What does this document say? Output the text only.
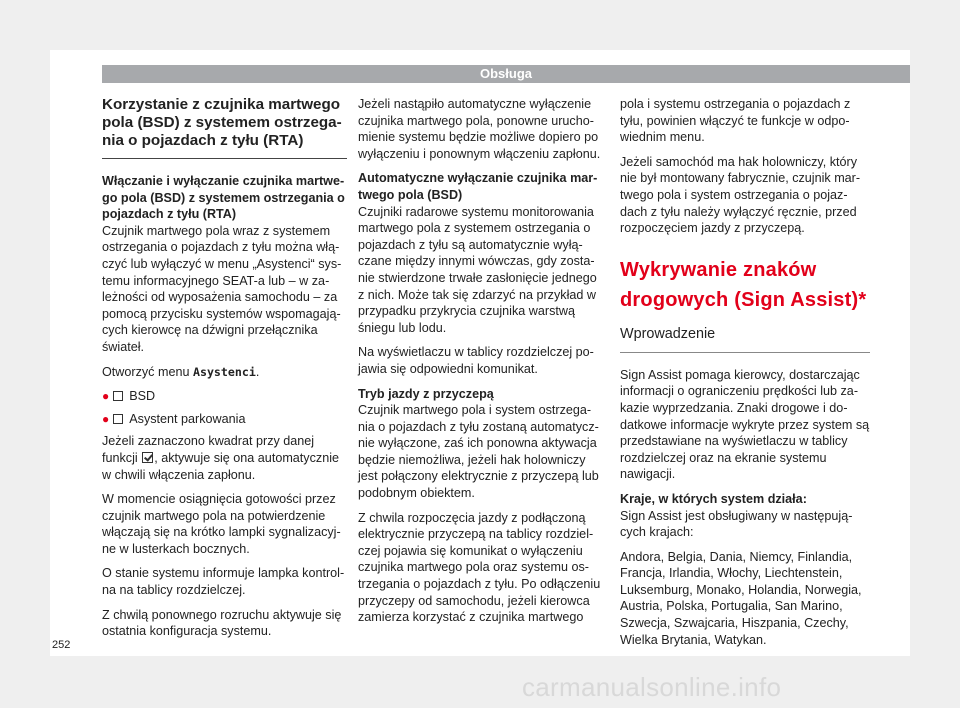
Obsługa
Korzystanie z czujnika martwego pola (BSD) z systemem ostrzegania o pojazdach z tyłu (RTA)
Włączanie i wyłączanie czujnika martwego pola (BSD) z systemem ostrzegania o pojazdach z tyłu (RTA)

Czujnik martwego pola wraz z systemem ostrzegania o pojazdach z tyłu można włączyć lub wyłączyć w menu „Asystenci“ systemu informacyjnego SEAT-a lub – w zależności od wyposażenia samochodu – za pomocą przycisku systemów wspomagających kierowcę na dźwigni przełącznika świateł.

Otworzyć menu Asystenci.

● BSD
● Asystent parkowania

Jeżeli zaznaczono kwadrat przy danej funkcji , aktywuje się ona automatycznie w chwili włączenia zapłonu.

W momencie osiągnięcia gotowości przez czujnik martwego pola na potwierdzenie włączają się na krótko lampki sygnalizacyjne w lusterkach bocznych.

O stanie systemu informuje lampka kontrolna na tablicy rozdzielczej.

Z chwilą ponownego rozruchu aktywuje się ostatnia konfiguracja systemu.

Jeżeli nastąpiło automatyczne wyłączenie czujnika martwego pola, ponowne uruchomienie systemu będzie możliwe dopiero po wyłączeniu i ponownym włączeniu zapłonu.

Automatyczne wyłączanie czujnika martwego pola (BSD)

Czujniki radarowe systemu monitorowania martwego pola z systemem ostrzegania o pojazdach z tyłu są automatycznie wyłączane między innymi wówczas, gdy zostanie stwierdzone trwałe zasłonięcie jednego z nich. Może tak się zdarzyć na przykład w przypadku przykrycia czujnika warstwą śniegu lub lodu.

Na wyświetlaczu w tablicy rozdzielczej pojawia się odpowiedni komunikat.

Tryb jazdy z przyczepą

Czujnik martwego pola i system ostrzegania o pojazdach z tyłu zostaną automatycznie wyłączone, zaś ich ponowna aktywacja będzie niemożliwa, jeżeli hak holowniczy jest połączony elektrycznie z przyczepą lub podobnym obiektem.

Z chwila rozpoczęcia jazdy z podłączoną elektrycznie przyczepą na tablicy rozdzielczej pojawia się komunikat o wyłączeniu czujnika martwego pola oraz systemu ostrzegania o pojazdach z tyłu. Po odłączeniu przyczepy od samochodu, jeżeli kierowca zamierza korzystać z czujnika martwego

pola i systemu ostrzegania o pojazdach z tyłu, powinien włączyć te funkcje w odpowiednim menu.

Jeżeli samochód ma hak holowniczy, który nie był montowany fabrycznie, czujnik martwego pola i system ostrzegania o pojazdach z tyłu należy wyłączyć ręcznie, przed rozpoczęciem jazdy z przyczepą.

Wykrywanie znaków drogowych (Sign Assist)*
Wprowadzenie

Sign Assist pomaga kierowcy, dostarczając informacji o ograniczeniu prędkości lub zakazie wyprzedzania. Znaki drogowe i dodatkowe informacje wykryte przez system są przedstawiane na wyświetlaczu w tablicy rozdzielczej oraz na ekranie systemu nawigacji.

Kraje, w których system działa:

Sign Assist jest obsługiwany w następujących krajach:

Andora, Belgia, Dania, Niemcy, Finlandia, Francja, Irlandia, Włochy, Liechtenstein, Luksemburg, Monako, Holandia, Norwegia, Austria, Polska, Portugalia, San Marino, Szwecja, Szwajcaria, Hiszpania, Czechy, Wielka Brytania, Watykan.

252
carmanualsonline.info
